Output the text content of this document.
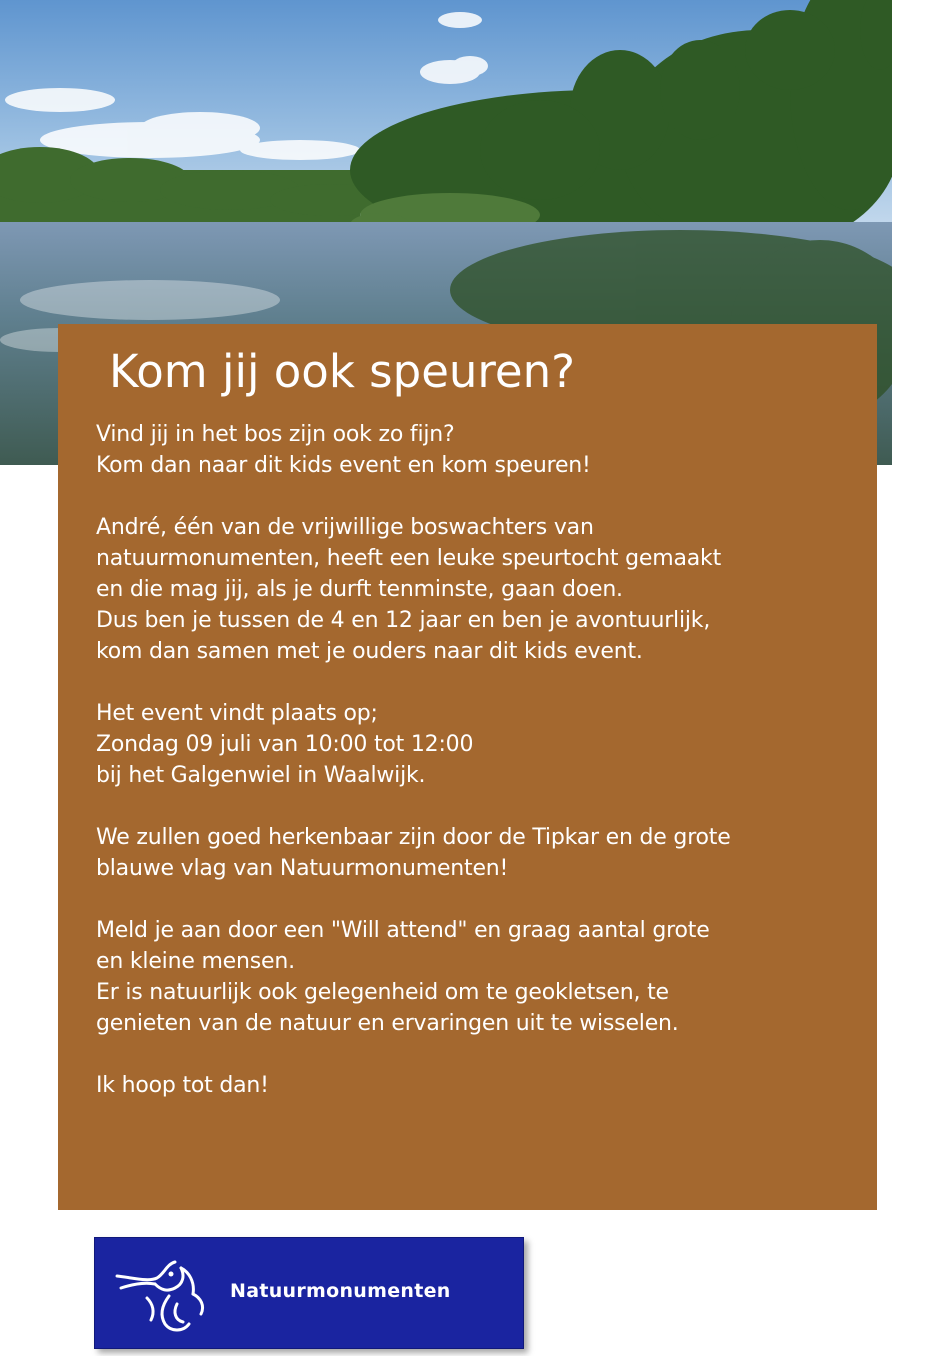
Kom jij ook speuren?

Vind jij in het bos zijn ook zo fijn?
Kom dan naar dit kids event en kom speuren!

André, één van de vrijwillige boswachters van
natuurmonumenten, heeft een leuke speurtocht gemaakt
en die mag jij, als je durft tenminste, gaan doen.
Dus ben je tussen de 4 en 12 jaar en ben je avontuurlijk,
kom dan samen met je ouders naar dit kids event.

Het event vindt plaats op;
Zondag 09 juli van 10:00 tot 12:00
bij het Galgenwiel in Waalwijk.

We zullen goed herkenbaar zijn door de Tipkar en de grote
blauwe vlag van Natuurmonumenten!

Meld je aan door een "Will attend" en graag aantal grote
en kleine mensen.
Er is natuurlijk ook gelegenheid om te geokletsen, te
genieten van de natuur en ervaringen uit te wisselen.

Ik hoop tot dan!

Natuurmonumenten
